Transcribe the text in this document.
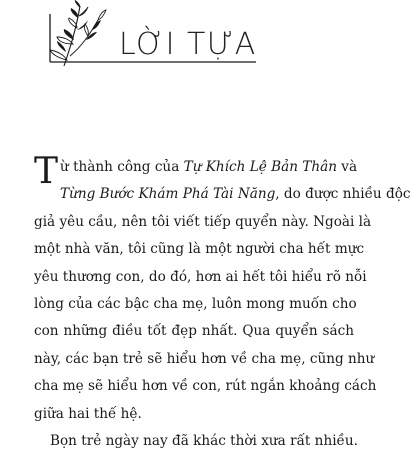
LỜI TỰA
Từ thành công của Tự Khích Lệ Bản Thân và
Từng Bước Khám Phá Tài Năng, do được nhiều độc
giả yêu cầu, nên tôi viết tiếp quyển này. Ngoài là
một nhà văn, tôi cũng là một người cha hết mực
yêu thương con, do đó, hơn ai hết tôi hiểu rõ nỗi
lòng của các bậc cha mẹ, luôn mong muốn cho
con những điều tốt đẹp nhất. Qua quyển sách
này, các bạn trẻ sẽ hiểu hơn về cha mẹ, cũng như
cha mẹ sẽ hiểu hơn về con, rút ngắn khoảng cách
giữa hai thế hệ.
Bọn trẻ ngày nay đã khác thời xưa rất nhiều.
